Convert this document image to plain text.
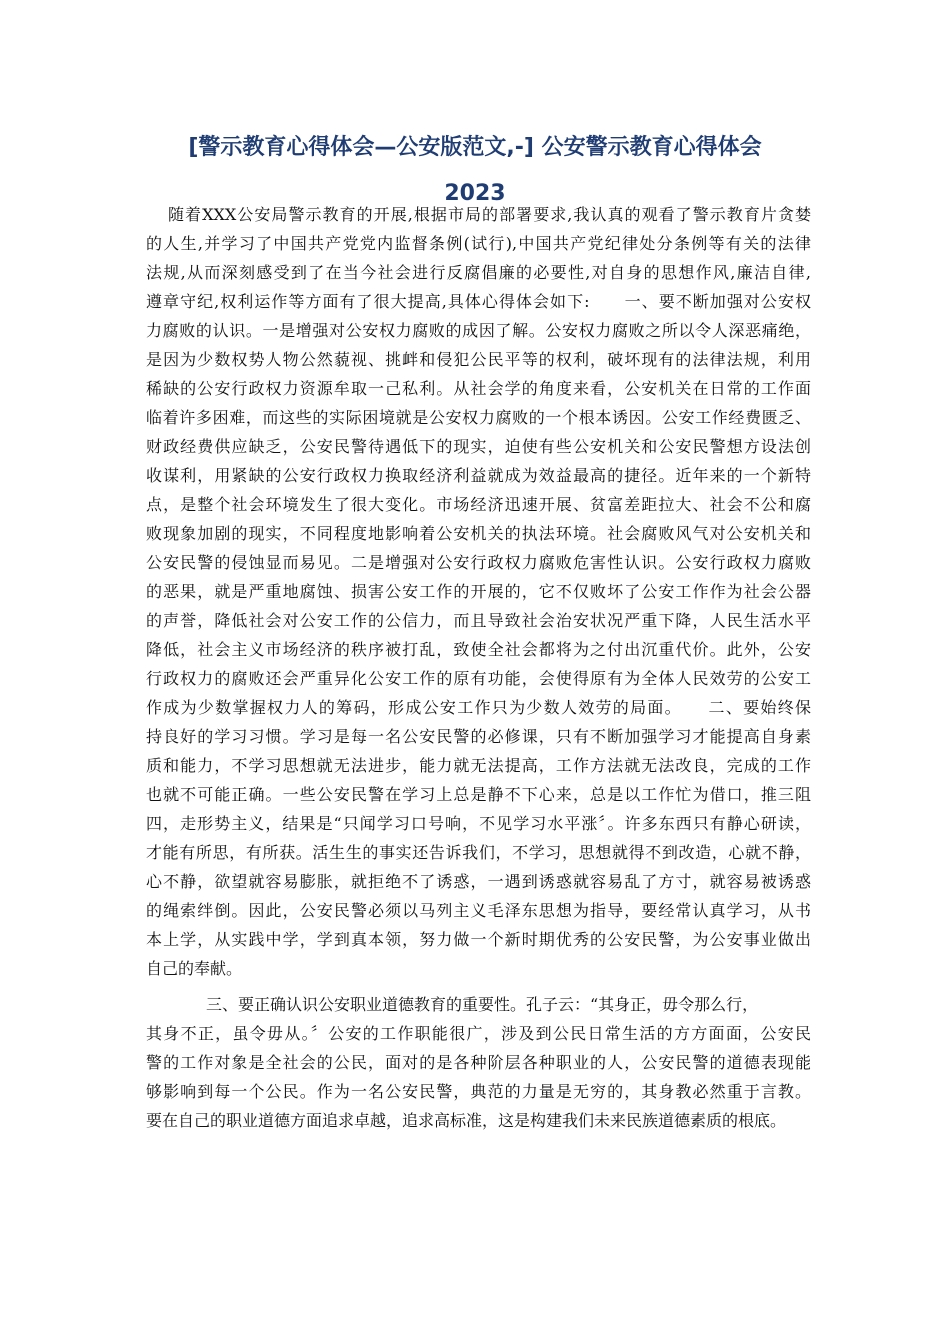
[警示教育心得体会—公安版范文,-] 公安警示教育心得体会
2023
随着XXX公安局警示教育的开展,根据市局的部署要求,我认真的观看了警示教育片贪婪
的人生,并学习了中国共产党党内监督条例(试行),中国共产党纪律处分条例等有关的法律
法规,从而深刻感受到了在当今社会进行反腐倡廉的必要性,对自身的思想作风,廉洁自律,
遵章守纪,权利运作等方面有了很大提高,具体心得体会如下:　　一、要不断加强对公安权
力腐败的认识。一是增强对公安权力腐败的成因了解。公安权力腐败之所以令人深恶痛绝，
是因为少数权势人物公然藐视、挑衅和侵犯公民平等的权利，破坏现有的法律法规，利用
稀缺的公安行政权力资源牟取一己私利。从社会学的角度来看，公安机关在日常的工作面
临着许多困难，而这些的实际困境就是公安权力腐败的一个根本诱因。公安工作经费匮乏、
财政经费供应缺乏，公安民警待遇低下的现实，迫使有些公安机关和公安民警想方设法创
收谋利，用紧缺的公安行政权力换取经济利益就成为效益最高的捷径。近年来的一个新特
点，是整个社会环境发生了很大变化。市场经济迅速开展、贫富差距拉大、社会不公和腐
败现象加剧的现实，不同程度地影响着公安机关的执法环境。社会腐败风气对公安机关和
公安民警的侵蚀显而易见。二是增强对公安行政权力腐败危害性认识。公安行政权力腐败
的恶果，就是严重地腐蚀、损害公安工作的开展的，它不仅败坏了公安工作作为社会公器
的声誉，降低社会对公安工作的公信力，而且导致社会治安状况严重下降，人民生活水平
降低，社会主义市场经济的秩序被打乱，致使全社会都将为之付出沉重代价。此外，公安
行政权力的腐败还会严重异化公安工作的原有功能，会使得原有为全体人民效劳的公安工
作成为少数掌握权力人的筹码，形成公安工作只为少数人效劳的局面。　　二、要始终保
持良好的学习习惯。学习是每一名公安民警的必修课，只有不断加强学习才能提高自身素
质和能力，不学习思想就无法进步，能力就无法提高，工作方法就无法改良，完成的工作
也就不可能正确。一些公安民警在学习上总是静不下心来，总是以工作忙为借口，推三阻
四，走形势主义，结果是“只闻学习口号响，不见学习水平涨〞。许多东西只有静心研读，
才能有所思，有所获。活生生的事实还告诉我们，不学习，思想就得不到改造，心就不静，
心不静，欲望就容易膨胀，就拒绝不了诱惑，一遇到诱惑就容易乱了方寸，就容易被诱惑
的绳索绊倒。因此，公安民警必须以马列主义毛泽东思想为指导，要经常认真学习，从书
本上学，从实践中学，学到真本领，努力做一个新时期优秀的公安民警，为公安事业做出
自己的奉献。
三、要正确认识公安职业道德教育的重要性。孔子云：“其身正，毋令那么行，
其身不正，虽令毋从。〞公安的工作职能很广，涉及到公民日常生活的方方面面，公安民
警的工作对象是全社会的公民，面对的是各种阶层各种职业的人，公安民警的道德表现能
够影响到每一个公民。作为一名公安民警，典范的力量是无穷的，其身教必然重于言教。
要在自己的职业道德方面追求卓越，追求高标准，这是构建我们未来民族道德素质的根底。
